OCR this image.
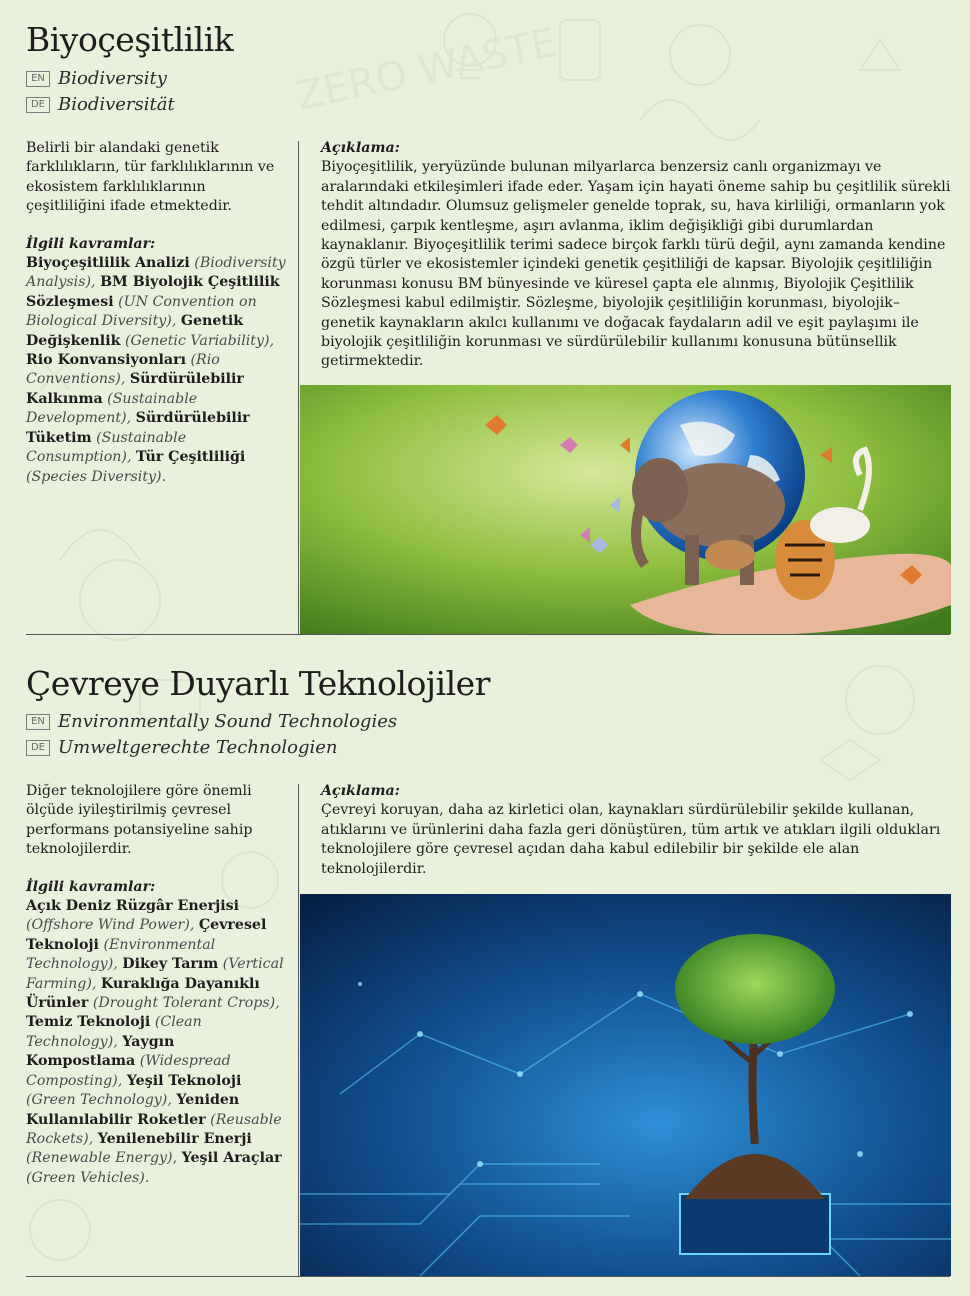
ZERO WASTE
Biyoçeşitlilik
EN Biodiversity
DE Biodiversität

Belirli bir alandaki genetik farklılıkların, tür farklılıklarının ve ekosistem farklılıklarının çeşitliliğini ifade etmektedir.

İlgili kavramlar:

Biyoçeşitlilik Analizi (Biodiversity Analysis), BM Biyolojik Çeşitlilik Sözleşmesi (UN Convention on Biological Diversity), Genetik Değişkenlik (Genetic Variability), Rio Konvansiyonları (Rio Conventions), Sürdürülebilir Kalkınma (Sustainable Development), Sürdürülebilir Tüketim (Sustainable Consumption), Tür Çeşitliliği (Species Diversity).

Açıklama:

Biyoçeşitlilik, yeryüzünde bulunan milyarlarca benzersiz canlı organizmayı ve aralarındaki etkileşimleri ifade eder. Yaşam için hayati öneme sahip bu çeşitlilik sürekli tehdit altındadır. Olumsuz gelişmeler genelde toprak, su, hava kirliliği, ormanların yok edilmesi, çarpık kentleşme, aşırı avlanma, iklim değişikliği gibi durumlardan kaynaklanır. Biyoçeşitlilik terimi sadece birçok farklı türü değil, aynı zamanda kendine özgü türler ve ekosistemler içindeki genetik çeşitliliği de kapsar. Biyolojik çeşitliliğin korunması konusu BM bünyesinde ve küresel çapta ele alınmış, Biyolojik Çeşitlilik Sözleşmesi kabul edilmiştir. Sözleşme, biyolojik çeşitliliğin korunması, biyolojik–genetik kaynakların akılcı kullanımı ve doğacak faydaların adil ve eşit paylaşımı ile biyolojik çeşitliliğin korunması ve sürdürülebilir kullanımı konusuna bütünsellik getirmektedir.

Çevreye Duyarlı Teknolojiler
EN Environmentally Sound Technologies
DE Umweltgerechte Technologien

Diğer teknolojilere göre önemli ölçüde iyileştirilmiş çevresel performans potansiyeline sahip teknolojilerdir.

İlgili kavramlar:

Açık Deniz Rüzgâr Enerjisi (Offshore Wind Power), Çevresel Teknoloji (Environmental Technology), Dikey Tarım (Vertical Farming), Kuraklığa Dayanıklı Ürünler (Drought Tolerant Crops), Temiz Teknoloji (Clean Technology), Yaygın Kompostlama (Widespread Composting), Yeşil Teknoloji (Green Technology), Yeniden Kullanılabilir Roketler (Reusable Rockets), Yenilenebilir Enerji (Renewable Energy), Yeşil Araçlar (Green Vehicles).

Açıklama:

Çevreyi koruyan, daha az kirletici olan, kaynakları sürdürülebilir şekilde kullanan, atıklarını ve ürünlerini daha fazla geri dönüştüren, tüm artık ve atıkları ilgili oldukları teknolojilere göre çevresel açıdan daha kabul edilebilir bir şekilde ele alan teknolojilerdir.
